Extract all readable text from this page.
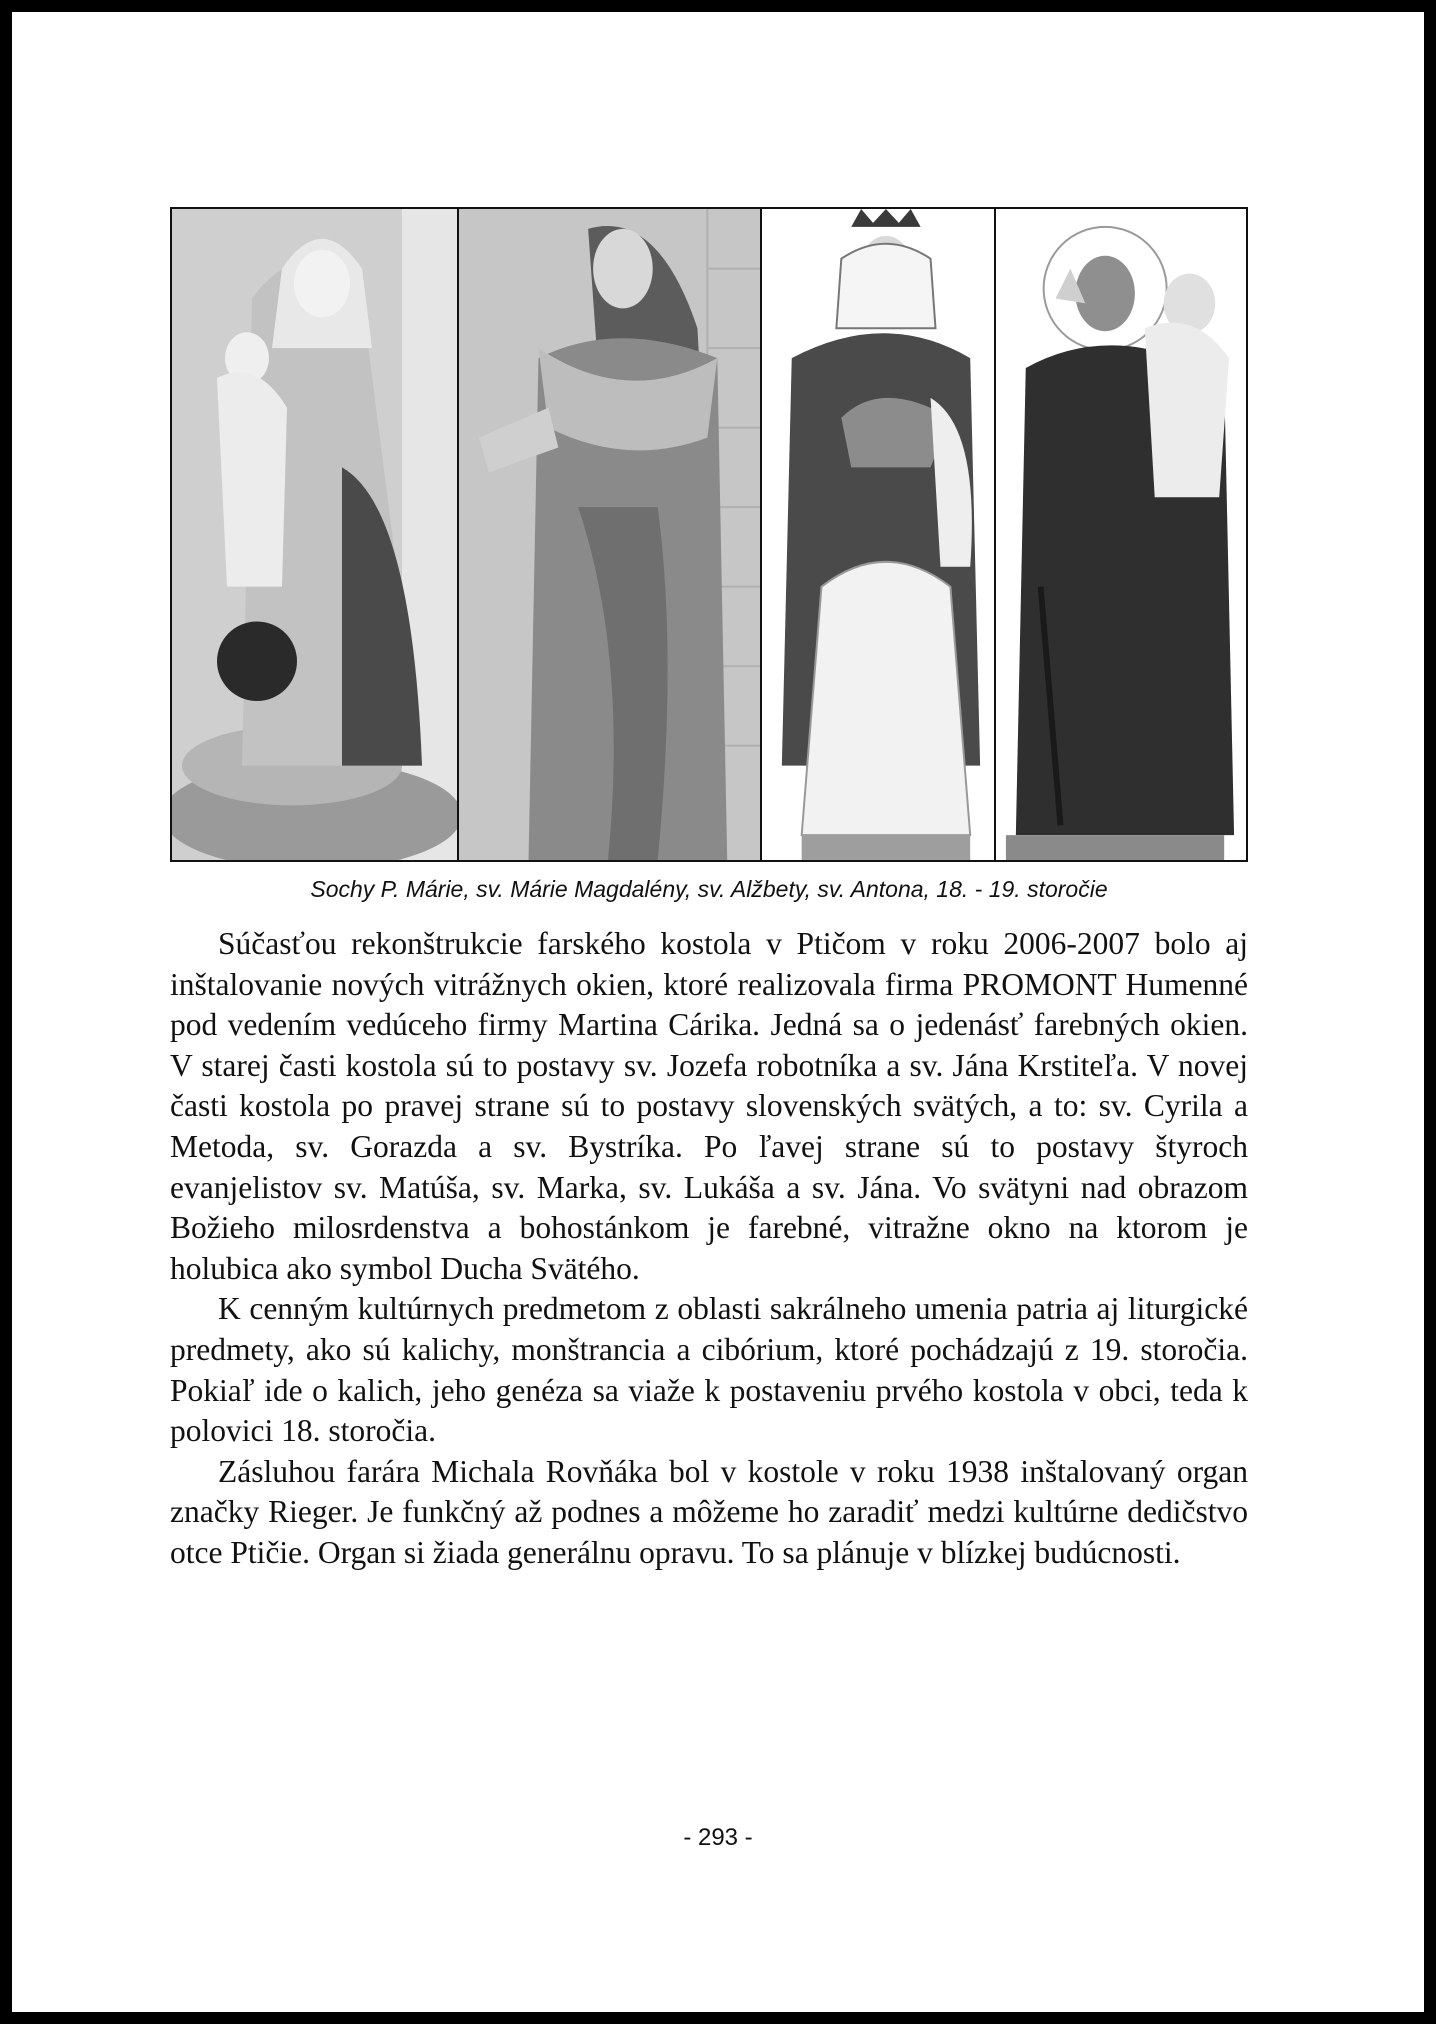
Sochy P. Márie, sv. Márie Magdalény, sv. Alžbety, sv. Antona, 18. - 19. storočie

Súčasťou rekonštrukcie farského kostola v Ptičom v roku 2006-2007 bolo aj inštalovanie nových vitrážnych okien, ktoré realizovala firma PROMONT Humenné pod vedením vedúceho firmy Martina Cárika. Jedná sa o jedenásť farebných okien. V starej časti kostola sú to postavy sv. Jozefa robotníka a sv. Jána Krstiteľa. V novej časti kostola po pravej strane sú to postavy slovenských svätých, a to: sv. Cyrila a Metoda, sv. Gorazda a sv. Bystríka. Po ľavej strane sú to postavy štyroch evanjelistov sv. Matúša, sv. Marka, sv. Lukáša a sv. Jána. Vo svätyni nad obrazom Božieho milosrdenstva a bohostánkom je farebné, vitražne okno na ktorom je holubica ako symbol Ducha Svätého.

K cenným kultúrnych predmetom z oblasti sakrálneho umenia patria aj liturgické predmety, ako sú kalichy, monštrancia a cibórium, ktoré pochádzajú z 19. storočia. Pokiaľ ide o kalich, jeho genéza sa viaže k postaveniu prvého kostola v obci, teda k polovici 18. storočia.

Zásluhou farára Michala Rovňáka bol v kostole v roku 1938 inštalovaný organ značky Rieger. Je funkčný až podnes a môžeme ho zaradiť medzi kultúrne dedičstvo otce Ptičie. Organ si žiada generálnu opravu. To sa plánuje v blízkej budúcnosti.

- 293 -
